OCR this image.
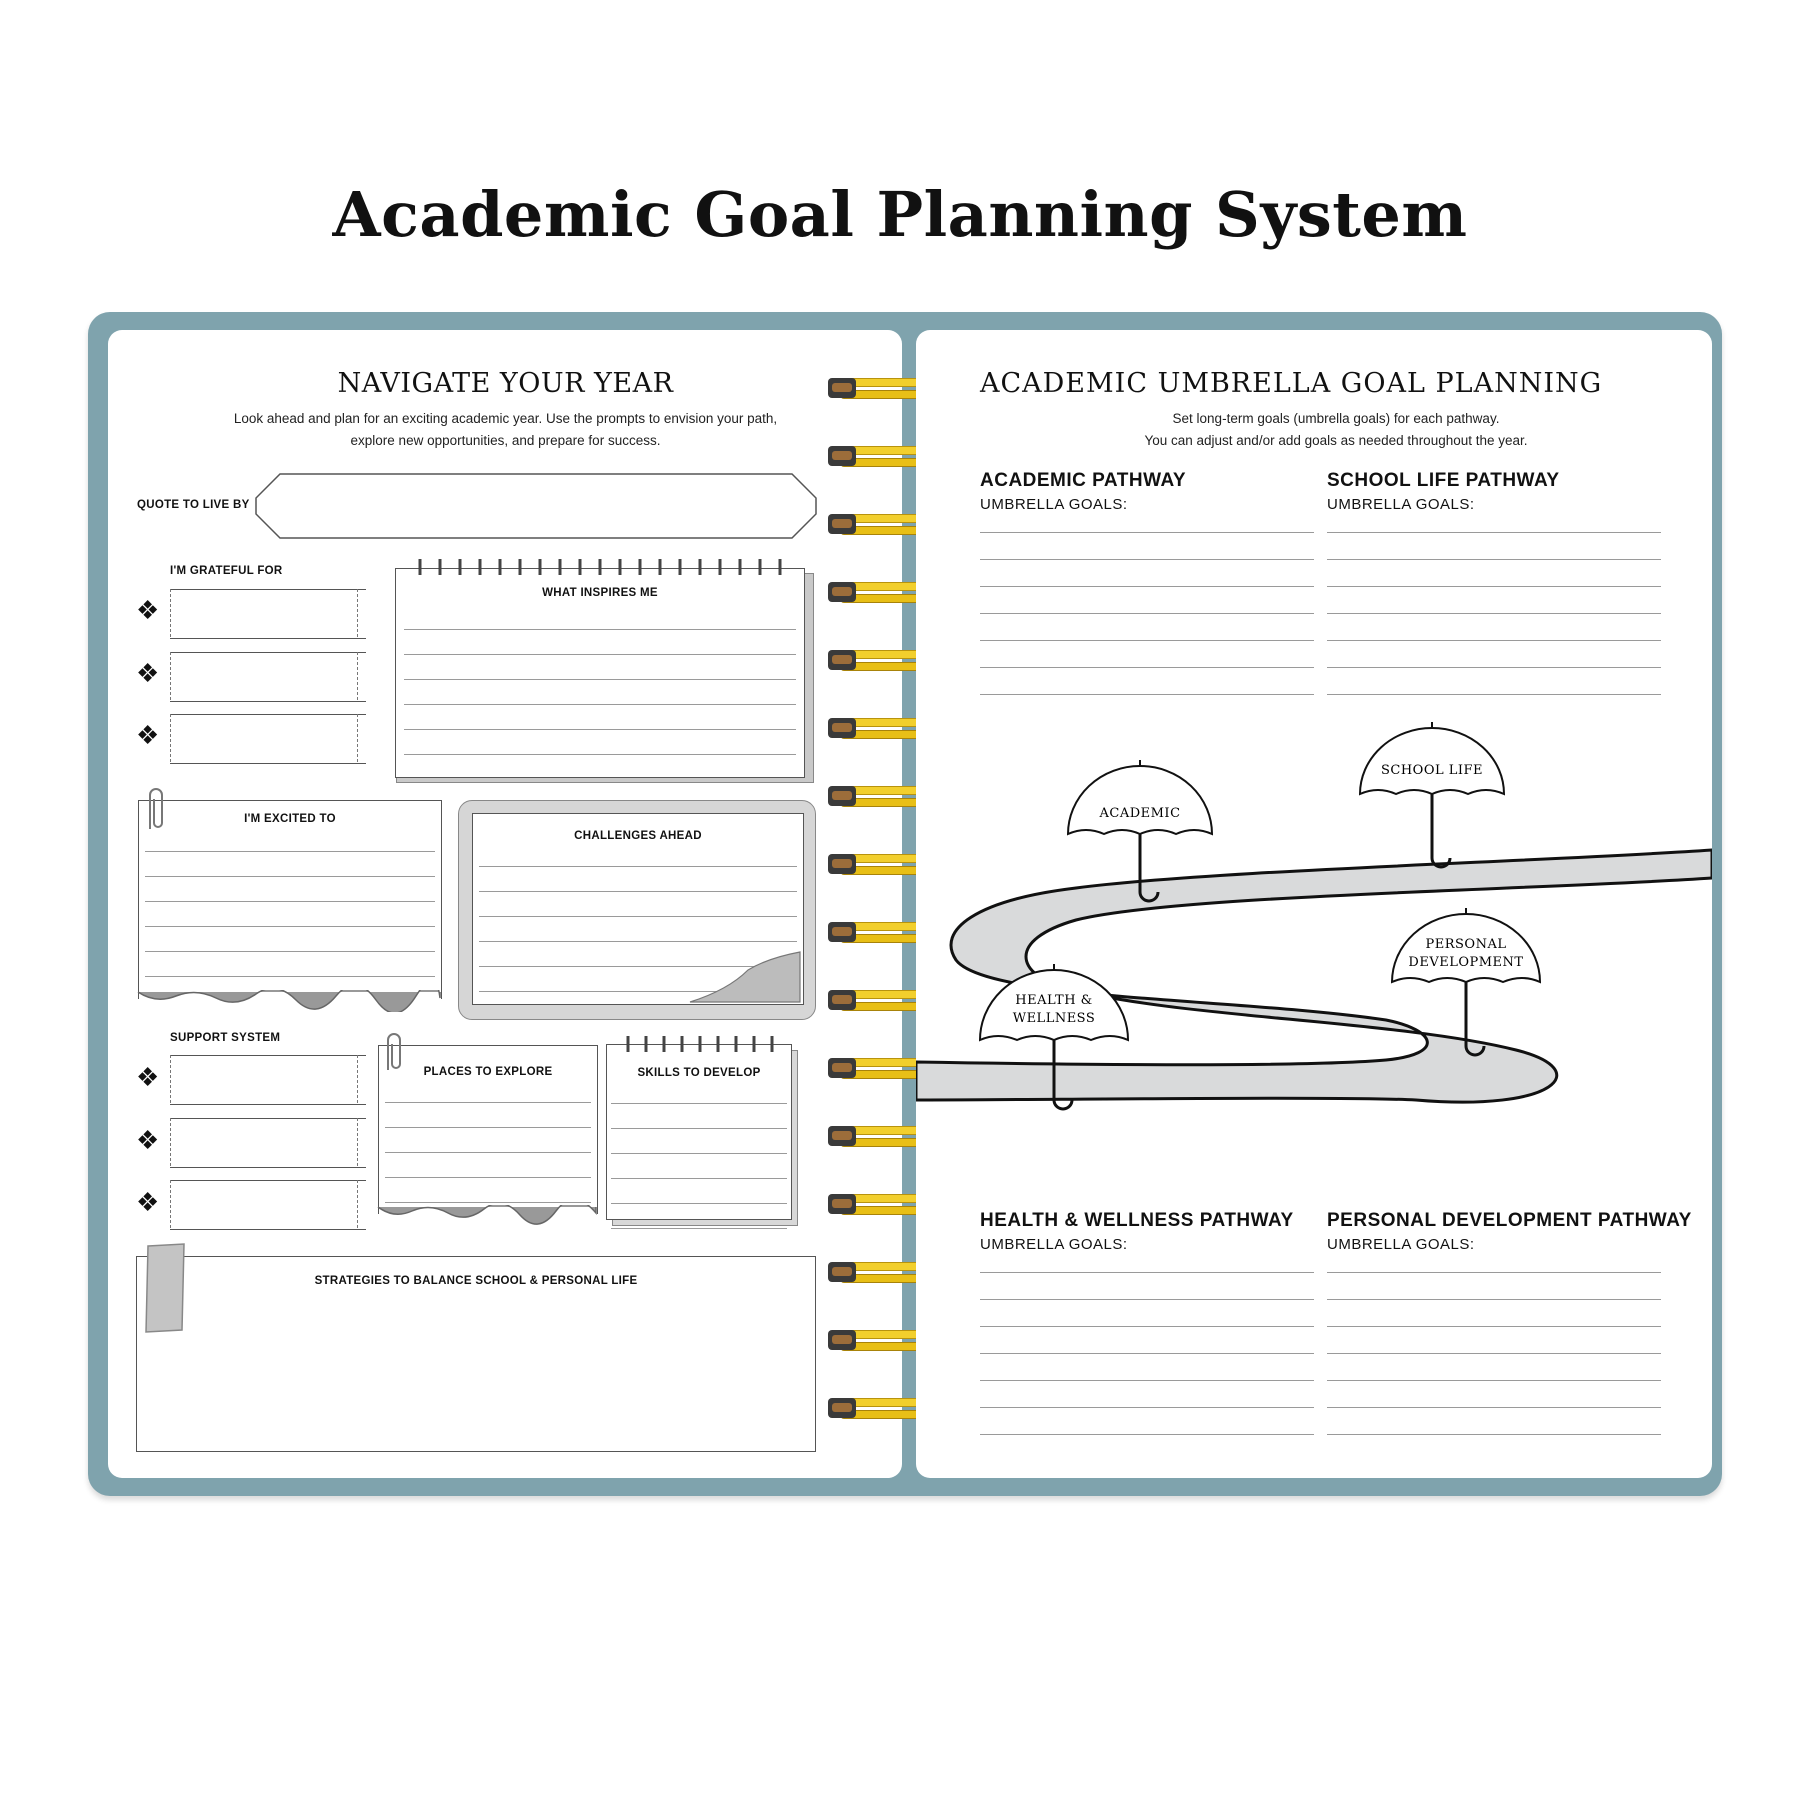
Academic Goal Planning System
NAVIGATE YOUR YEAR
Look ahead and plan for an exciting academic year. Use the prompts to envision your path,
explore new opportunities, and prepare for success.
QUOTE TO LIVE BY
I'M GRATEFUL FOR
❖
❖
❖
WHAT INSPIRES ME
I'M EXCITED TO
CHALLENGES AHEAD
SUPPORT SYSTEM
❖
❖
❖
PLACES TO EXPLORE	SKILLS TO DEVELOP
STRATEGIES TO BALANCE SCHOOL & PERSONAL LIFE
ACADEMIC UMBRELLA GOAL PLANNING
Set long-term goals (umbrella goals) for each pathway.
You can adjust and/or add goals as needed throughout the year.
ACADEMIC PATHWAY
UMBRELLA GOALS:
SCHOOL LIFE PATHWAY
UMBRELLA GOALS:
ACADEMIC
SCHOOL LIFE
PERSONAL
DEVELOPMENT
HEALTH &
WELLNESS
HEALTH & WELLNESS PATHWAY
UMBRELLA GOALS:
PERSONAL DEVELOPMENT PATHWAY
UMBRELLA GOALS:
